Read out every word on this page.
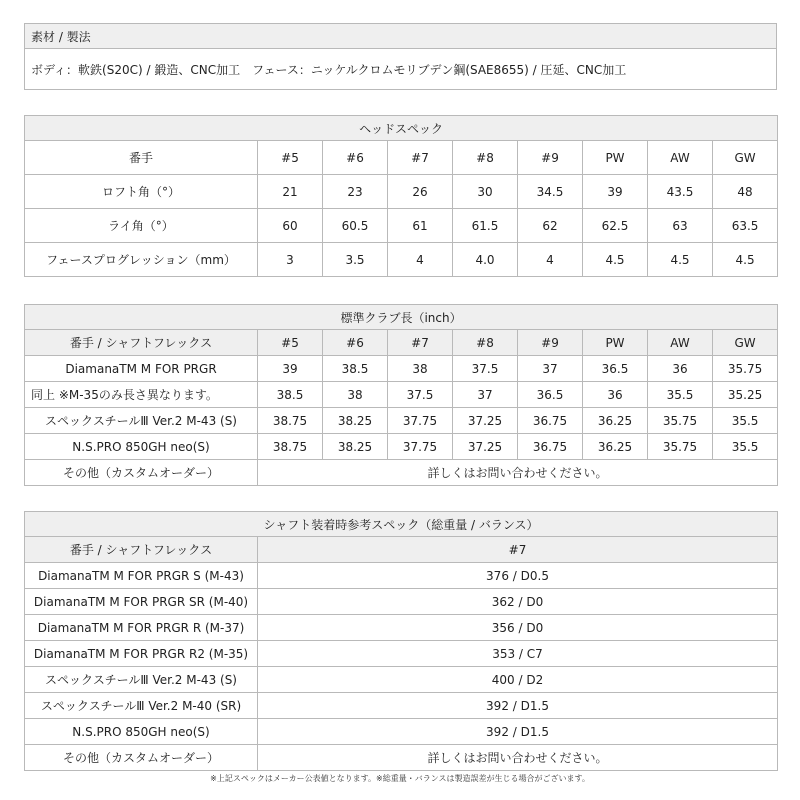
素材 / 製法
ボディ：軟鉄(S20C) / 鍛造、CNC加工　フェース：ニッケルクロムモリブデン鋼(SAE8655) / 圧延、CNC加工
ヘッドスペック								
番手	#5	#6	#7	#8	#9	PW	AW	GW
ロフト角（°）	21	23	26	30	34.5	39	43.5	48
ライ角（°）	60	60.5	61	61.5	62	62.5	63	63.5
フェースプログレッション（mm）	3	3.5	4	4.0	4	4.5	4.5	4.5
標準クラブ長（inch）								
番手 / シャフトフレックス	#5	#6	#7	#8	#9	PW	AW	GW
DiamanaTM M FOR PRGR	39	38.5	38	37.5	37	36.5	36	35.75
同上 ※M-35のみ長さ異なります。	38.5	38	37.5	37	36.5	36	35.5	35.25
スペックスチールⅢ Ver.2 M-43 (S)	38.75	38.25	37.75	37.25	36.75	36.25	35.75	35.5
N.S.PRO 850GH neo(S)	38.75	38.25	37.75	37.25	36.75	36.25	35.75	35.5
その他（カスタムオーダー）	詳しくはお問い合わせください。							
シャフト装着時参考スペック（総重量 / バランス）	
番手 / シャフトフレックス	#7
DiamanaTM M FOR PRGR S (M-43)	376 / D0.5
DiamanaTM M FOR PRGR SR (M-40)	362 / D0
DiamanaTM M FOR PRGR R (M-37)	356 / D0
DiamanaTM M FOR PRGR R2 (M-35)	353 / C7
スペックスチールⅢ Ver.2 M-43 (S)	400 / D2
スペックスチールⅢ Ver.2 M-40 (SR)	392 / D1.5
N.S.PRO 850GH neo(S)	392 / D1.5
その他（カスタムオーダー）	詳しくはお問い合わせください。
※上記スペックはメーカー公表値となります。※総重量・バランスは製造誤差が生じる場合がございます。
